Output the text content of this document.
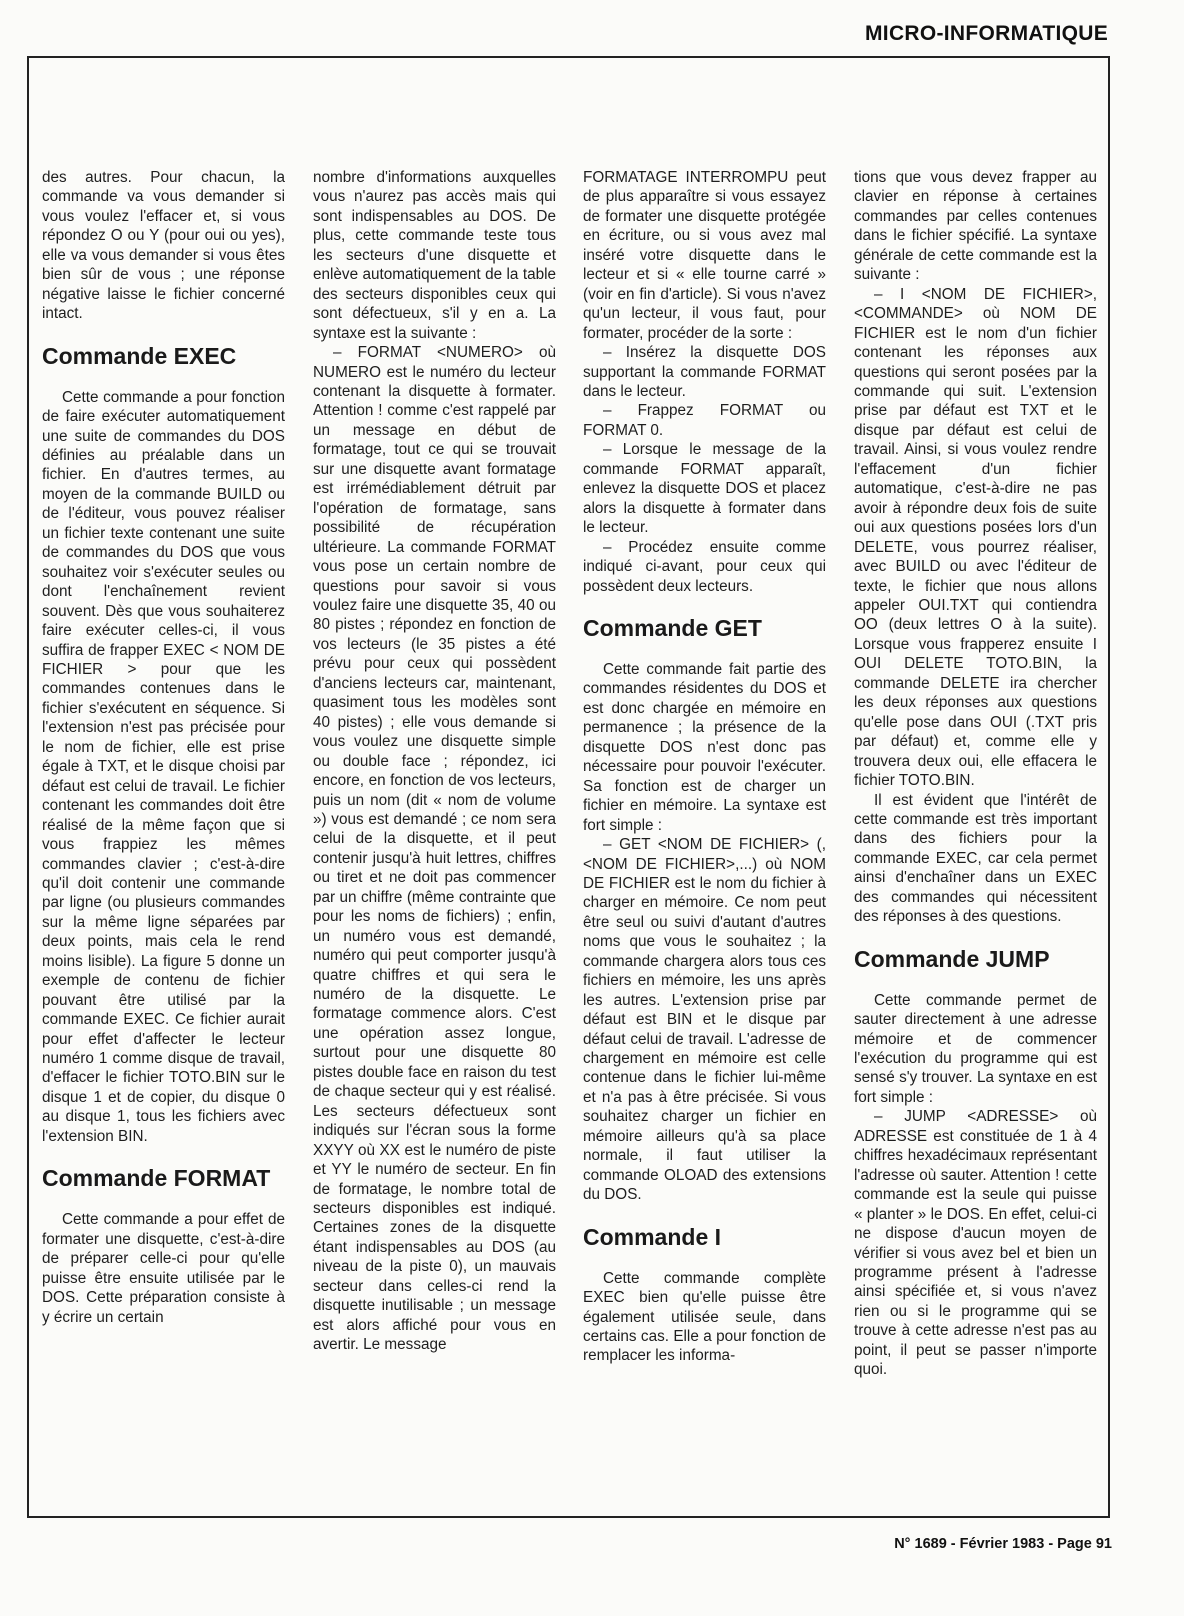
MICRO-INFORMATIQUE

des autres. Pour chacun, la commande va vous demander si vous voulez l'effacer et, si vous répondez O ou Y (pour oui ou yes), elle va vous demander si vous êtes bien sûr de vous ; une réponse négative laisse le fichier concerné intact.

Commande EXEC

Cette commande a pour fonction de faire exécuter automatiquement une suite de commandes du DOS définies au préalable dans un fichier. En d'autres termes, au moyen de la commande BUILD ou de l'éditeur, vous pouvez réaliser un fichier texte contenant une suite de commandes du DOS que vous souhaitez voir s'exécuter seules ou dont l'enchaînement revient souvent. Dès que vous souhaiterez faire exécuter celles-ci, il vous suffira de frapper EXEC < NOM DE FICHIER > pour que les commandes contenues dans le fichier s'exécutent en séquence. Si l'extension n'est pas précisée pour le nom de fichier, elle est prise égale à TXT, et le disque choisi par défaut est celui de travail. Le fichier contenant les commandes doit être réalisé de la même façon que si vous frappiez les mêmes commandes clavier ; c'est-à-dire qu'il doit contenir une commande par ligne (ou plusieurs commandes sur la même ligne séparées par deux points, mais cela le rend moins lisible). La figure 5 donne un exemple de contenu de fichier pouvant être utilisé par la commande EXEC. Ce fichier aurait pour effet d'affecter le lecteur numéro 1 comme disque de travail, d'effacer le fichier TOTO.BIN sur le disque 1 et de copier, du disque 0 au disque 1, tous les fichiers avec l'extension BIN.

Commande FORMAT

Cette commande a pour effet de formater une disquette, c'est-à-dire de préparer celle-ci pour qu'elle puisse être ensuite utilisée par le DOS. Cette préparation consiste à y écrire un certain

nombre d'informations auxquelles vous n'aurez pas accès mais qui sont indispensables au DOS. De plus, cette commande teste tous les secteurs d'une disquette et enlève automatiquement de la table des secteurs disponibles ceux qui sont défectueux, s'il y en a. La syntaxe est la suivante :

– FORMAT <NUMERO> où NUMERO est le numéro du lecteur contenant la disquette à formater. Attention ! comme c'est rappelé par un message en début de formatage, tout ce qui se trouvait sur une disquette avant formatage est irrémédiablement détruit par l'opération de formatage, sans possibilité de récupération ultérieure. La commande FORMAT vous pose un certain nombre de questions pour savoir si vous voulez faire une disquette 35, 40 ou 80 pistes ; répondez en fonction de vos lecteurs (le 35 pistes a été prévu pour ceux qui possèdent d'anciens lecteurs car, maintenant, quasiment tous les modèles sont 40 pistes) ; elle vous demande si vous voulez une disquette simple ou double face ; répondez, ici encore, en fonction de vos lecteurs, puis un nom (dit « nom de volume ») vous est demandé ; ce nom sera celui de la disquette, et il peut contenir jusqu'à huit lettres, chiffres ou tiret et ne doit pas commencer par un chiffre (même contrainte que pour les noms de fichiers) ; enfin, un numéro vous est demandé, numéro qui peut comporter jusqu'à quatre chiffres et qui sera le numéro de la disquette. Le formatage commence alors. C'est une opération assez longue, surtout pour une disquette 80 pistes double face en raison du test de chaque secteur qui y est réalisé. Les secteurs défectueux sont indiqués sur l'écran sous la forme XXYY où XX est le numéro de piste et YY le numéro de secteur. En fin de formatage, le nombre total de secteurs disponibles est indiqué. Certaines zones de la disquette étant indispensables au DOS (au niveau de la piste 0), un mauvais secteur dans celles-ci rend la disquette inutilisable ; un message est alors affiché pour vous en avertir. Le message

FORMATAGE INTERROMPU peut de plus apparaître si vous essayez de formater une disquette protégée en écriture, ou si vous avez mal inséré votre disquette dans le lecteur et si « elle tourne carré » (voir en fin d'article). Si vous n'avez qu'un lecteur, il vous faut, pour formater, procéder de la sorte :

– Insérez la disquette DOS supportant la commande FORMAT dans le lecteur.

– Frappez FORMAT ou FORMAT 0.

– Lorsque le message de la commande FORMAT apparaît, enlevez la disquette DOS et placez alors la disquette à formater dans le lecteur.

– Procédez ensuite comme indiqué ci-avant, pour ceux qui possèdent deux lecteurs.

Commande GET

Cette commande fait partie des commandes résidentes du DOS et est donc chargée en mémoire en permanence ; la présence de la disquette DOS n'est donc pas nécessaire pour pouvoir l'exécuter. Sa fonction est de charger un fichier en mémoire. La syntaxe est fort simple :

– GET <NOM DE FICHIER> (, <NOM DE FICHIER>,...) où NOM DE FICHIER est le nom du fichier à charger en mémoire. Ce nom peut être seul ou suivi d'autant d'autres noms que vous le souhaitez ; la commande chargera alors tous ces fichiers en mémoire, les uns après les autres. L'extension prise par défaut est BIN et le disque par défaut celui de travail. L'adresse de chargement en mémoire est celle contenue dans le fichier lui-même et n'a pas à être précisée. Si vous souhaitez charger un fichier en mémoire ailleurs qu'à sa place normale, il faut utiliser la commande OLOAD des extensions du DOS.

Commande I

Cette commande complète EXEC bien qu'elle puisse être également utilisée seule, dans certains cas. Elle a pour fonction de remplacer les informa-

tions que vous devez frapper au clavier en réponse à certaines commandes par celles contenues dans le fichier spécifié. La syntaxe générale de cette commande est la suivante :

– I <NOM DE FICHIER>, <COMMANDE> où NOM DE FICHIER est le nom d'un fichier contenant les réponses aux questions qui seront posées par la commande qui suit. L'extension prise par défaut est TXT et le disque par défaut est celui de travail. Ainsi, si vous voulez rendre l'effacement d'un fichier automatique, c'est-à-dire ne pas avoir à répondre deux fois de suite oui aux questions posées lors d'un DELETE, vous pourrez réaliser, avec BUILD ou avec l'éditeur de texte, le fichier que nous allons appeler OUI.TXT qui contiendra OO (deux lettres O à la suite). Lorsque vous frapperez ensuite I OUI DELETE TOTO.BIN, la commande DELETE ira chercher les deux réponses aux questions qu'elle pose dans OUI (.TXT pris par défaut) et, comme elle y trouvera deux oui, elle effacera le fichier TOTO.BIN.

Il est évident que l'intérêt de cette commande est très important dans des fichiers pour la commande EXEC, car cela permet ainsi d'enchaîner dans un EXEC des commandes qui nécessitent des réponses à des questions.

Commande JUMP

Cette commande permet de sauter directement à une adresse mémoire et de commencer l'exécution du programme qui est sensé s'y trouver. La syntaxe en est fort simple :

– JUMP <ADRESSE> où ADRESSE est constituée de 1 à 4 chiffres hexadécimaux représentant l'adresse où sauter. Attention ! cette commande est la seule qui puisse « planter » le DOS. En effet, celui-ci ne dispose d'aucun moyen de vérifier si vous avez bel et bien un programme présent à l'adresse ainsi spécifiée et, si vous n'avez rien ou si le programme qui se trouve à cette adresse n'est pas au point, il peut se passer n'importe quoi.

N° 1689 - Février 1983 - Page 91
